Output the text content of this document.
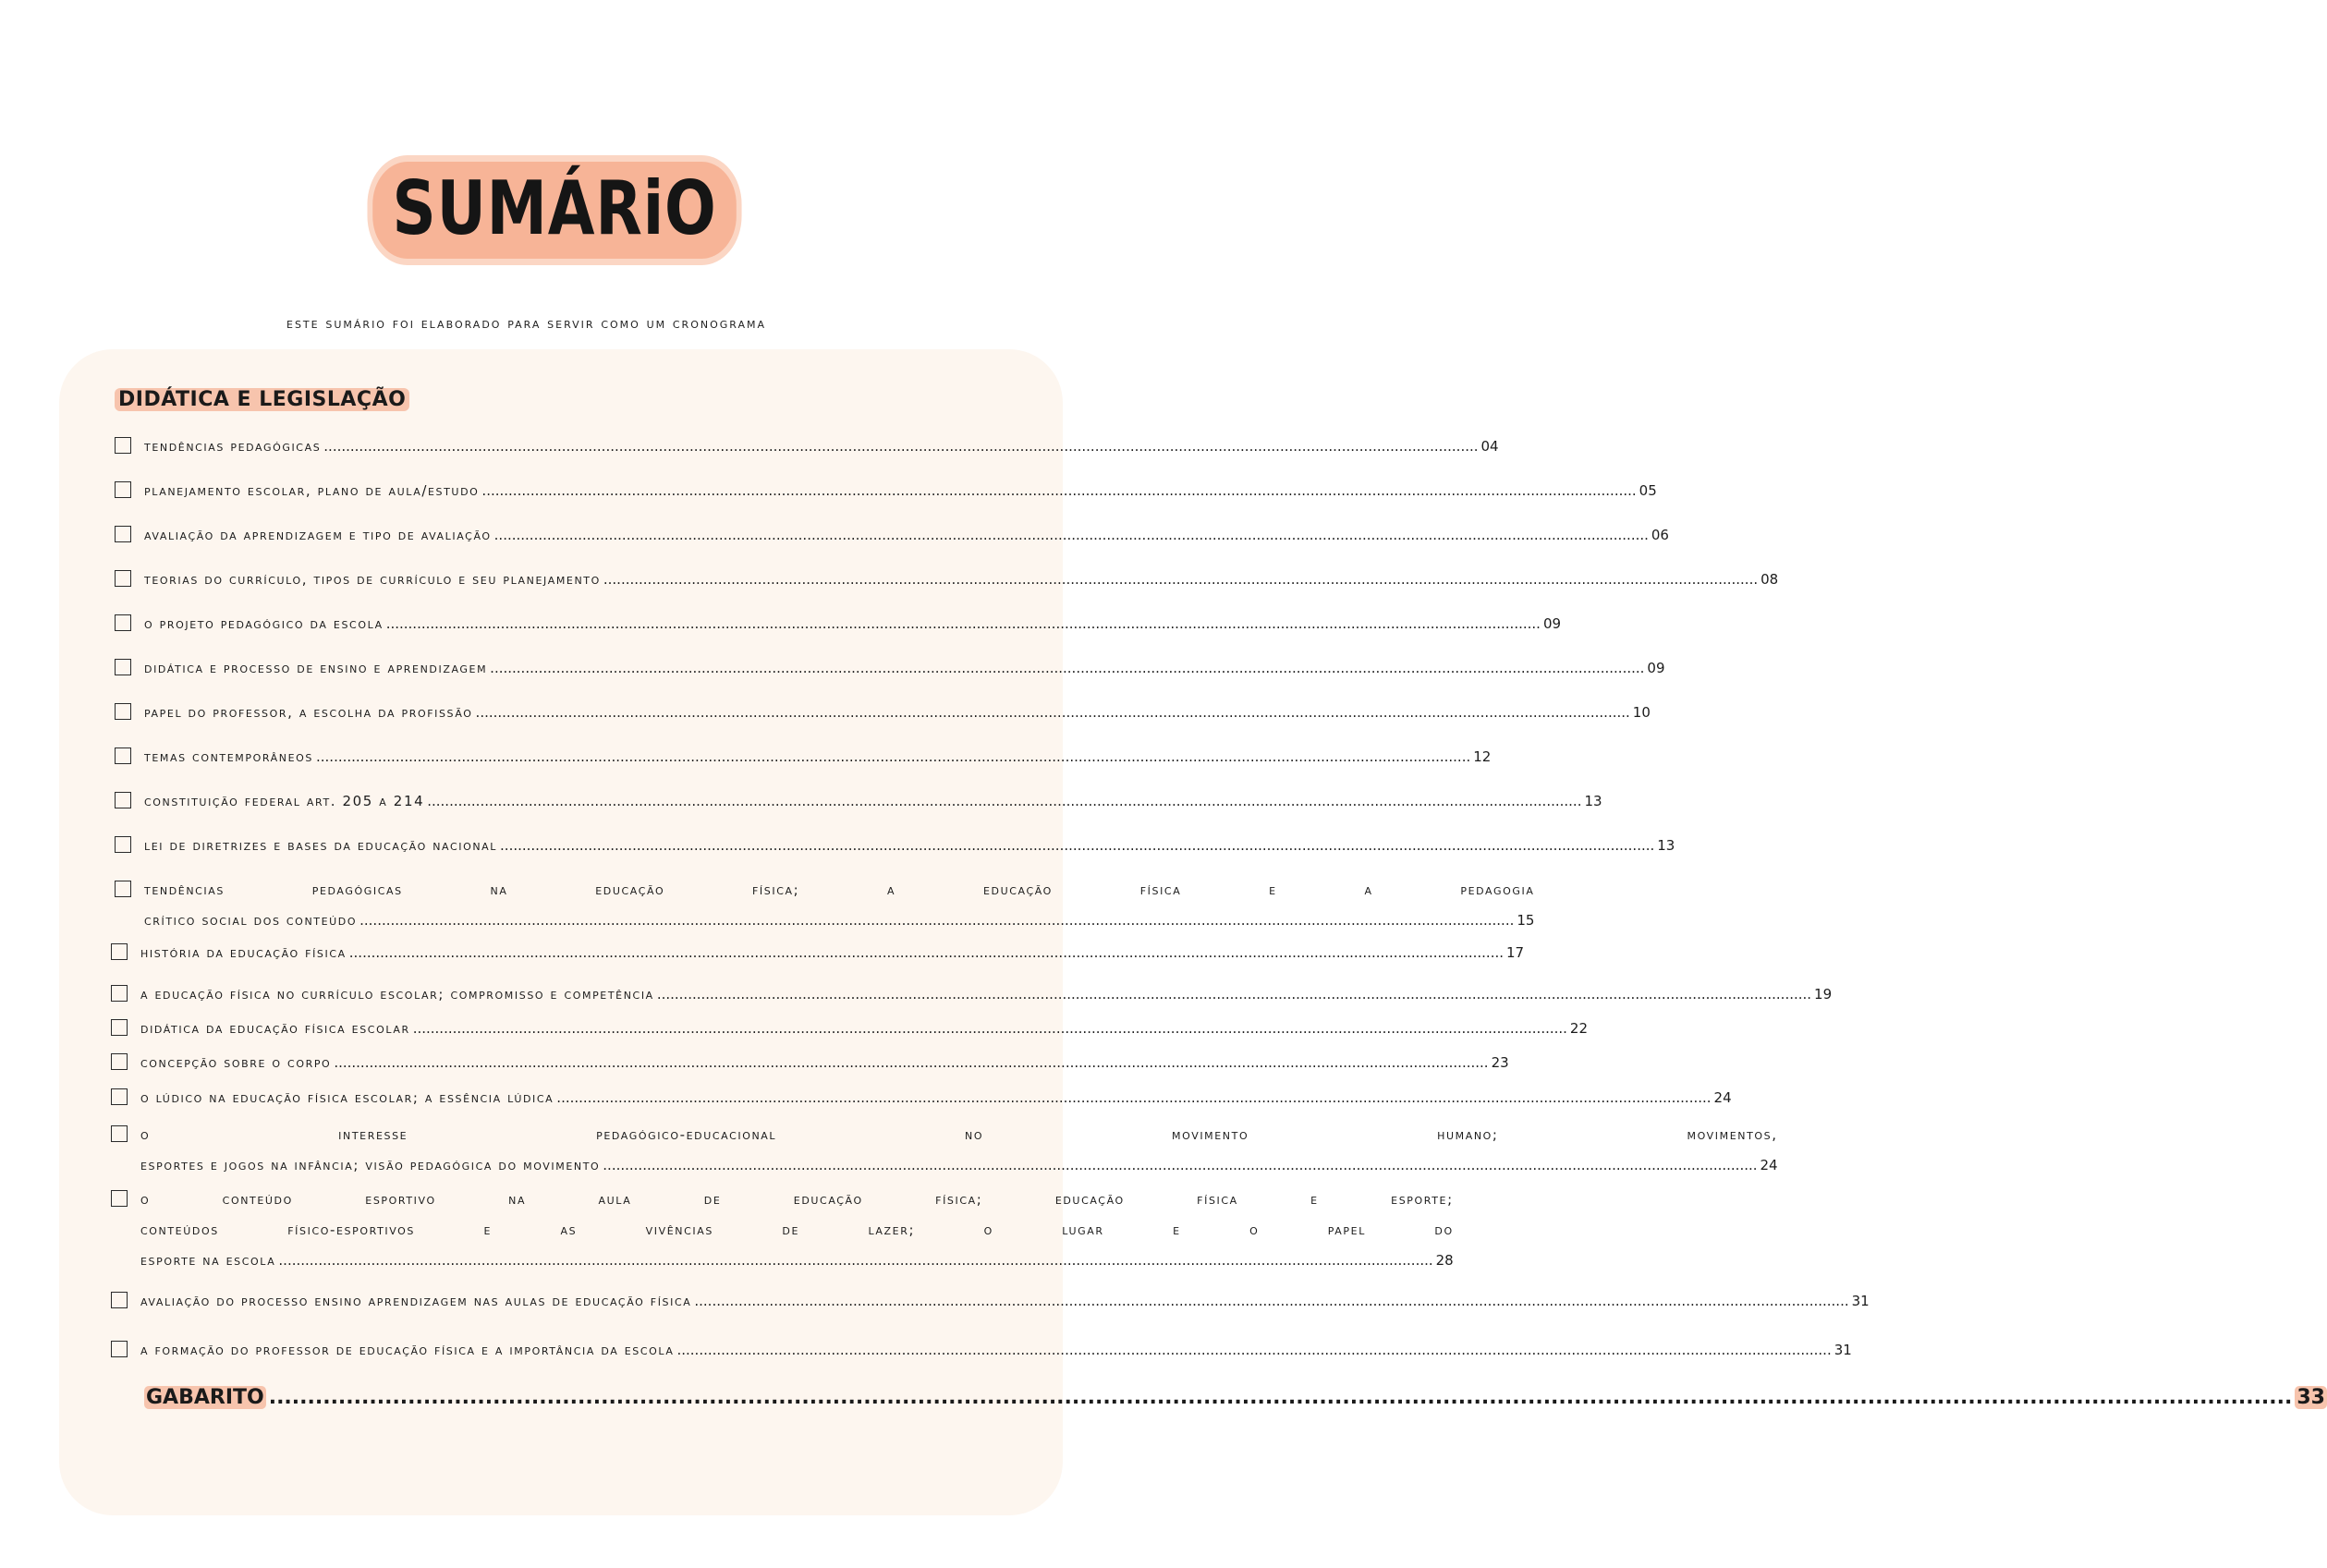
SUMÁRiO
este sumário foi elaborado para servir como um cronograma
DIDÁTICA E LEGISLAÇÃO
tendências pedagógicas .....	04
planejamento escolar, plano de aula/estudo .....	05
avaliação da aprendizagem e tipo de avaliação .....	06
teorias do currículo, tipos de currículo e seu planejamento .....	08
o projeto pedagógico da escola .....	09
didática e processo de ensino e aprendizagem .....	09
papel do professor, a escolha da profissão .....	10
temas contemporâneos .....	12
constituição federal art. 205 a 214 .....	13
lei de diretrizes e bases da educação nacional .....	13
tendências pedagógicas na educação física; a educação física e a pedagogia
crítico social dos conteúdo .....	15
história da educação física .....	17
a educação física no currículo escolar; compromisso e competência .....	19
didática da educação física escolar .....	22
concepção sobre o corpo .....	23
o lúdico na educação física escolar; a essência lúdica .....	24
o interesse pedagógico-educacional no movimento humano; movimentos,
esportes e jogos na infância; visão pedagógica do movimento .....	24
o conteúdo esportivo na aula de educação física; educação física e esporte;
conteúdos físico-esportivos e as vivências de lazer; o lugar e o papel do
esporte na escola .....	28
avaliação do processo ensino aprendizagem nas aulas de educação física .....	31
a formação do professor de educação física e a importância da escola .....	31
GABARITO .....	33
